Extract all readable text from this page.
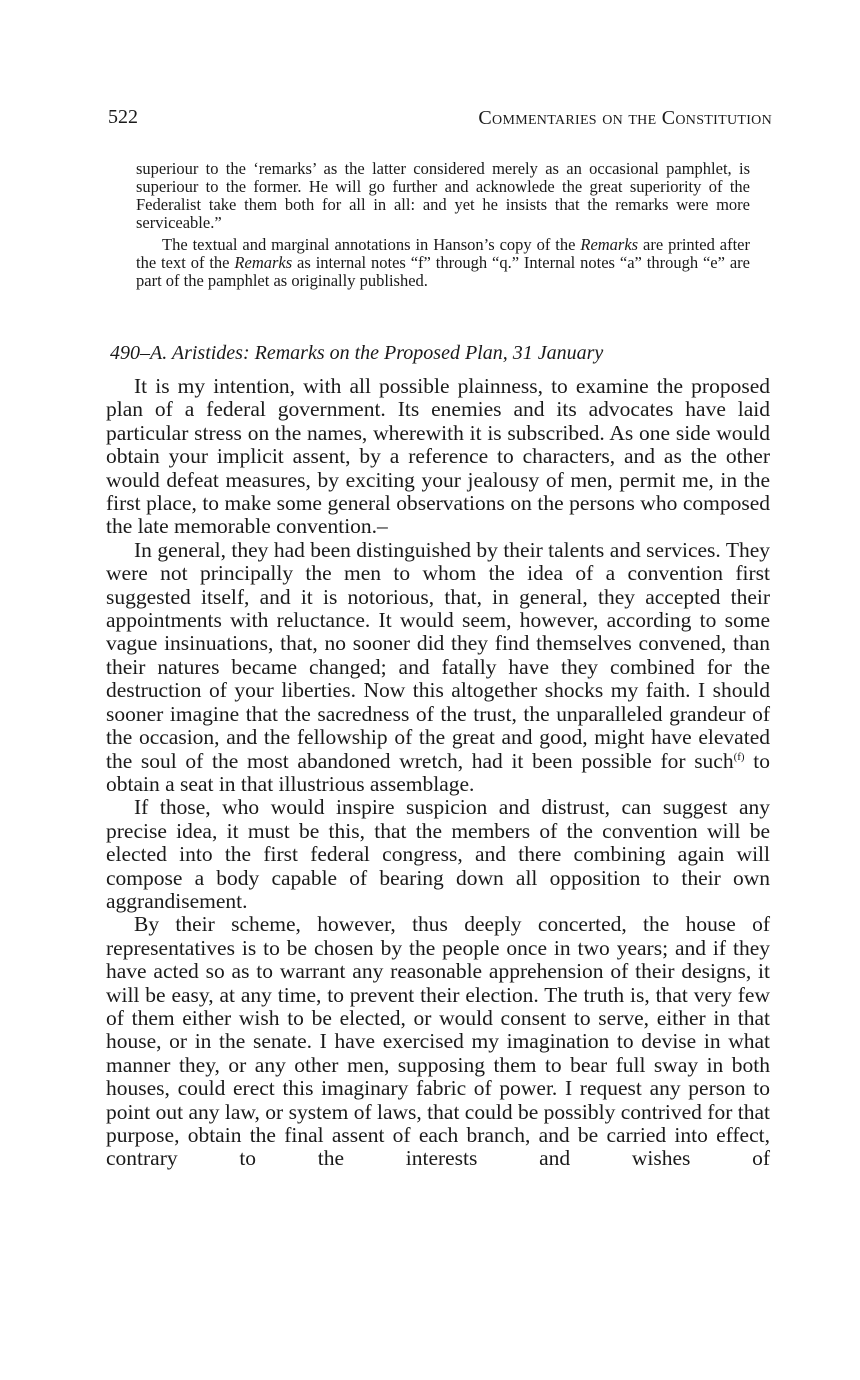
522	Commentaries on the Constitution

superiour to the ‘remarks’ as the latter considered merely as an occasional pamphlet, is superiour to the former. He will go further and acknowlede the great superiority of the Federalist take them both for all in all: and yet he insists that the remarks were more serviceable.”

The textual and marginal annotations in Hanson’s copy of the Remarks are printed after the text of the Remarks as internal notes “f” through “q.” Internal notes “a” through “e” are part of the pamphlet as originally published.

490–A. Aristides: Remarks on the Proposed Plan, 31 January

It is my intention, with all possible plainness, to examine the proposed plan of a federal government. Its enemies and its advocates have laid particular stress on the names, wherewith it is subscribed. As one side would obtain your implicit assent, by a reference to characters, and as the other would defeat measures, by exciting your jealousy of men, permit me, in the first place, to make some general observations on the persons who composed the late memorable convention.–

In general, they had been distinguished by their talents and services. They were not principally the men to whom the idea of a convention first suggested itself, and it is notorious, that, in general, they accepted their appointments with reluctance. It would seem, however, according to some vague insinuations, that, no sooner did they find themselves convened, than their natures became changed; and fatally have they combined for the destruction of your liberties. Now this altogether shocks my faith. I should sooner imagine that the sacredness of the trust, the unparalleled grandeur of the occasion, and the fellowship of the great and good, might have elevated the soul of the most abandoned wretch, had it been possible for such$^{(f)}$ to obtain a seat in that illustrious assemblage.

If those, who would inspire suspicion and distrust, can suggest any precise idea, it must be this, that the members of the convention will be elected into the first federal congress, and there combining again will compose a body capable of bearing down all opposition to their own aggrandisement.

By their scheme, however, thus deeply concerted, the house of representatives is to be chosen by the people once in two years; and if they have acted so as to warrant any reasonable apprehension of their designs, it will be easy, at any time, to prevent their election. The truth is, that very few of them either wish to be elected, or would consent to serve, either in that house, or in the senate. I have exercised my imagination to devise in what manner they, or any other men, supposing them to bear full sway in both houses, could erect this imaginary fabric of power. I request any person to point out any law, or system of laws, that could be possibly contrived for that purpose, obtain the final assent of each branch, and be carried into effect, contrary to the interests and wishes of
